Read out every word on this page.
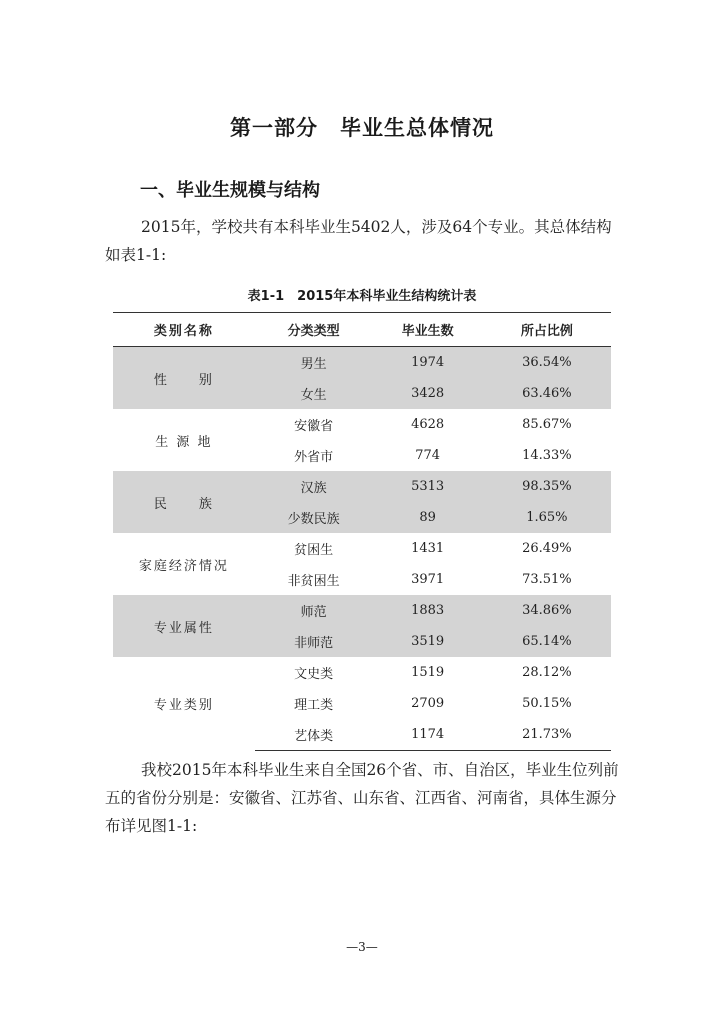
第一部分 毕业生总体情况
一、毕业生规模与结构

2015年，学校共有本科毕业生5402人，涉及64个专业。其总体结构如表1-1:

表1-1　2015年本科毕业生结构统计表
类别名称	分类类型	毕业生数	所占比例
性　　别	男生	1974	36.54%
	女生	3428	63.46%
生 源 地	安徽省	4628	85.67%
	外省市	774	14.33%
民　　族	汉族	5313	98.35%
	少数民族	89	1.65%
家庭经济情况	贫困生	1431	26.49%
	非贫困生	3971	73.51%
专业属性	师范	1883	34.86%
	非师范	3519	65.14%
专业类别	文史类	1519	28.12%
	理工类	2709	50.15%
	艺体类	1174	21.73%

我校2015年本科毕业生来自全国26个省、市、自治区，毕业生位列前五的省份分别是：安徽省、江苏省、山东省、江西省、河南省，具体生源分布详见图1-1:

—3—
